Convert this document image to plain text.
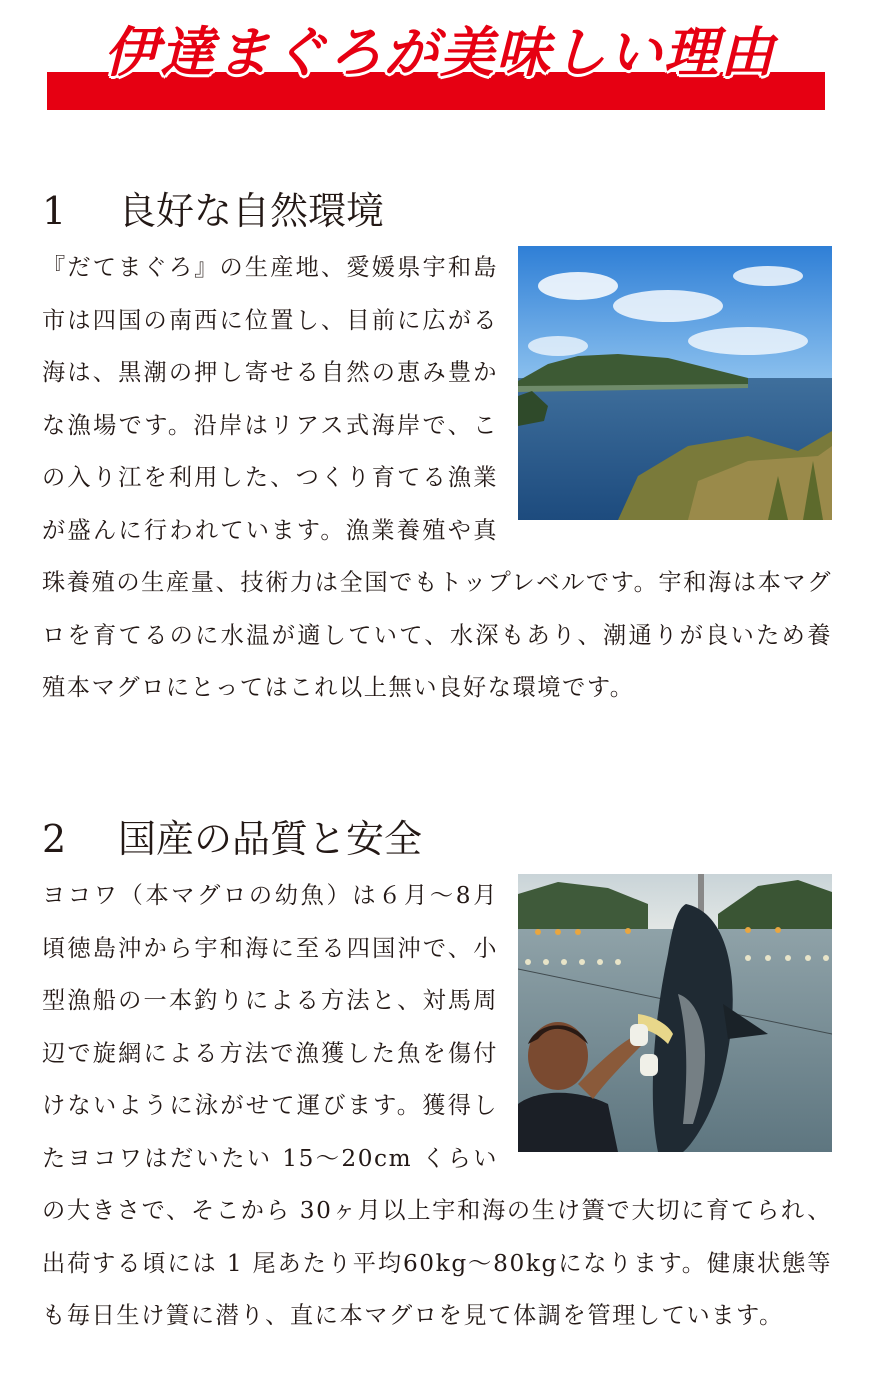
伊達まぐろが美味しい理由
1 良好な自然環境

『だてまぐろ』の生産地、愛媛県宇和島市は四国の南西に位置し、目前に広がる海は、黒潮の押し寄せる自然の恵み豊かな漁場です。沿岸はリアス式海岸で、この入り江を利用した、つくり育てる漁業が盛んに行われています。漁業養殖や真珠養殖の生産量、技術力は全国でもトップレベルです。宇和海は本マグロを育てるのに水温が適していて、水深もあり、潮通りが良いため養殖本マグロにとってはこれ以上無い良好な環境です。

2 国産の品質と安全

ヨコワ（本マグロの幼魚）は６月〜8月頃徳島沖から宇和海に至る四国沖で、小型漁船の一本釣りによる方法と、対馬周辺で旋網による方法で漁獲した魚を傷付けないように泳がせて運びます。獲得したヨコワはだいたい 15〜20cm くらいの大きさで、そこから 30ヶ月以上宇和海の生け簀で大切に育てられ、出荷する頃には 1 尾あたり平均60kg〜80kgになります。健康状態等も毎日生け簀に潜り、直に本マグロを見て体調を管理しています。
